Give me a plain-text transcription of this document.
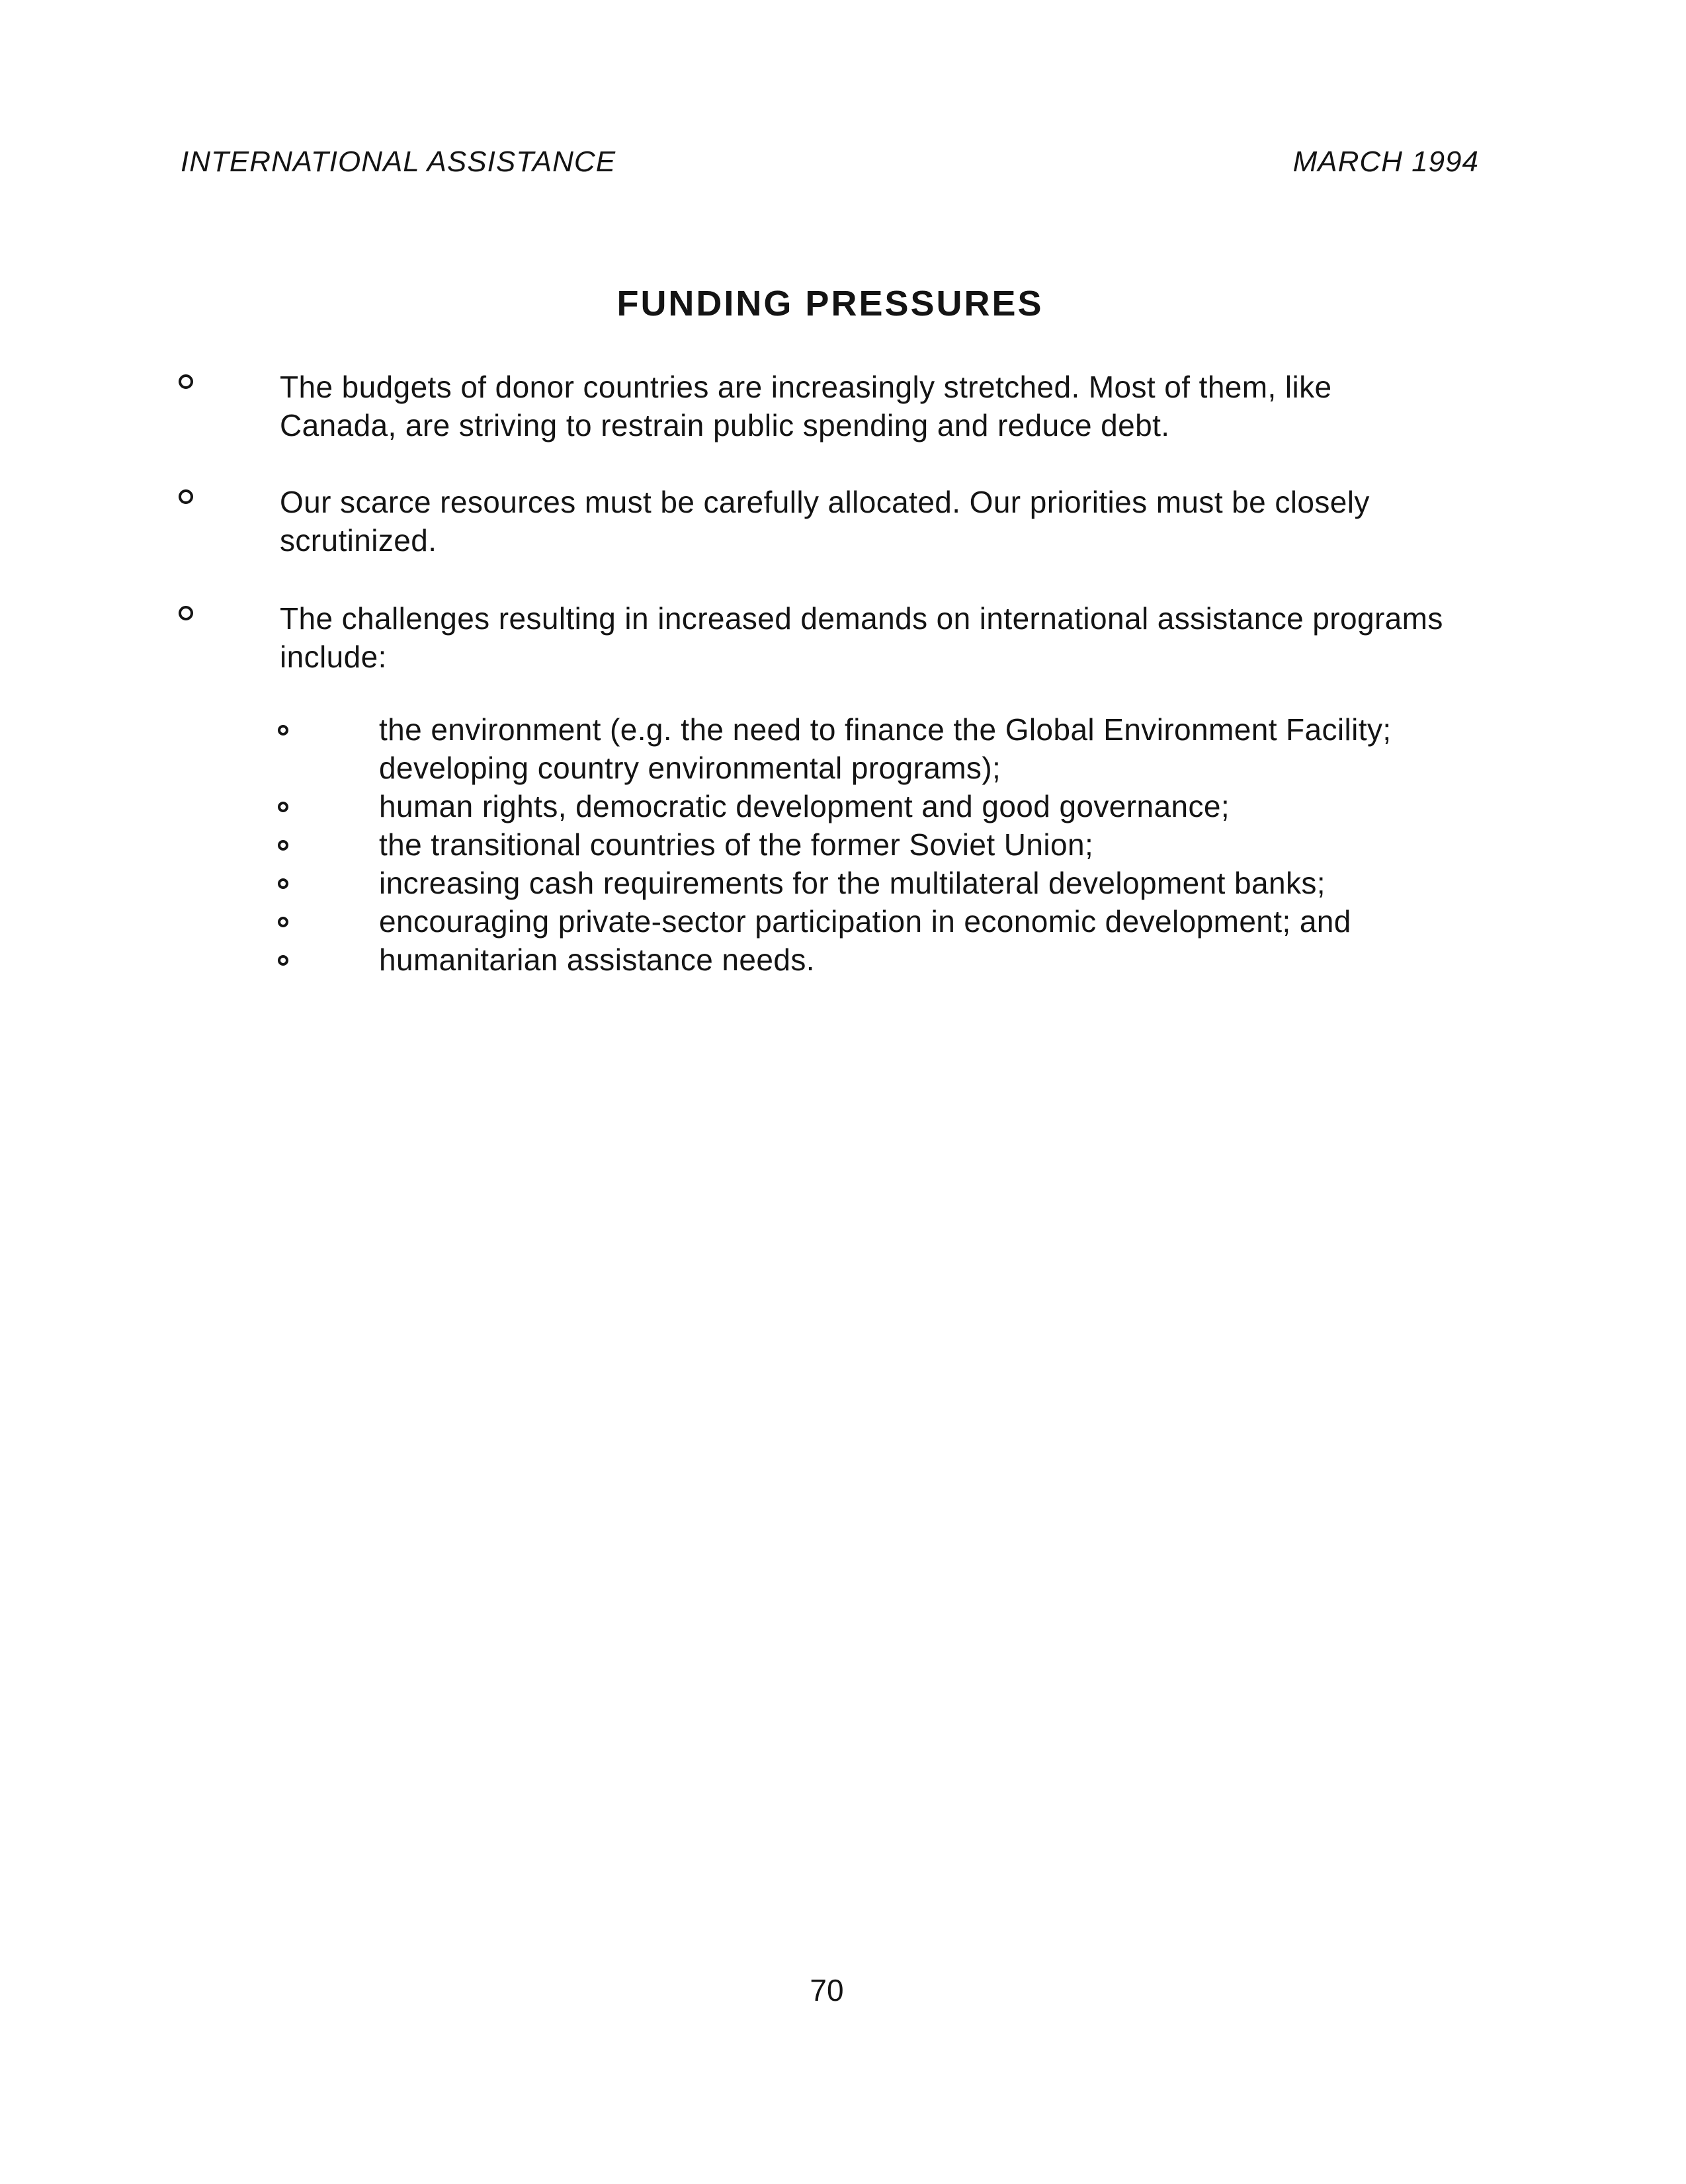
INTERNATIONAL ASSISTANCE	MARCH 1994
FUNDING PRESSURES
The budgets of donor countries are increasingly stretched. Most of them, like Canada, are striving to restrain public spending and reduce debt.
Our scarce resources must be carefully allocated. Our priorities must be closely scrutinized.
The challenges resulting in increased demands on international assistance programs include:
the environment (e.g. the need to finance the Global Environment Facility; developing country environmental programs);
human rights, democratic development and good governance;
the transitional countries of the former Soviet Union;
increasing cash requirements for the multilateral development banks;
encouraging private-sector participation in economic development; and
humanitarian assistance needs.
70
